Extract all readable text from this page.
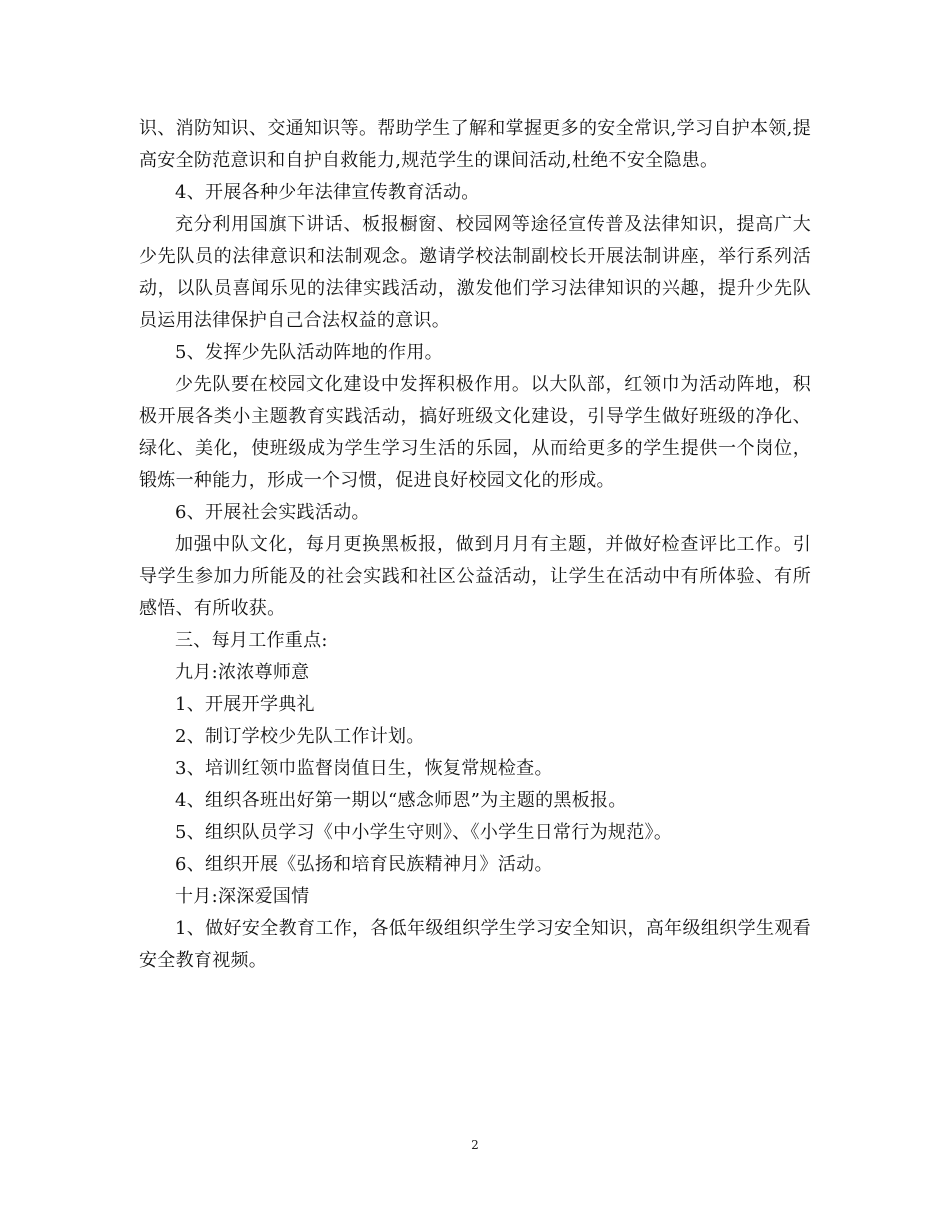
识、消防知识、交通知识等。帮助学生了解和掌握更多的安全常识,学习自护本领,提高安全防范意识和自护自救能力,规范学生的课间活动,杜绝不安全隐患。

4、开展各种少年法律宣传教育活动。

充分利用国旗下讲话、板报橱窗、校园网等途径宣传普及法律知识，提高广大少先队员的法律意识和法制观念。邀请学校法制副校长开展法制讲座，举行系列活动，以队员喜闻乐见的法律实践活动，激发他们学习法律知识的兴趣，提升少先队员运用法律保护自己合法权益的意识。

5、发挥少先队活动阵地的作用。

少先队要在校园文化建设中发挥积极作用。以大队部，红领巾为活动阵地，积极开展各类小主题教育实践活动，搞好班级文化建设，引导学生做好班级的净化、绿化、美化，使班级成为学生学习生活的乐园，从而给更多的学生提供一个岗位，锻炼一种能力，形成一个习惯，促进良好校园文化的形成。

6、开展社会实践活动。

加强中队文化，每月更换黑板报，做到月月有主题，并做好检查评比工作。引导学生参加力所能及的社会实践和社区公益活动，让学生在活动中有所体验、有所感悟、有所收获。

三、每月工作重点:

九月:浓浓尊师意

1、开展开学典礼

2、制订学校少先队工作计划。

3、培训红领巾监督岗值日生，恢复常规检查。

4、组织各班出好第一期以“感念师恩”为主题的黑板报。

5、组织队员学习《中小学生守则》、《小学生日常行为规范》。

6、组织开展《弘扬和培育民族精神月》活动。

十月:深深爱国情

1、做好安全教育工作，各低年级组织学生学习安全知识，高年级组织学生观看安全教育视频。

2
